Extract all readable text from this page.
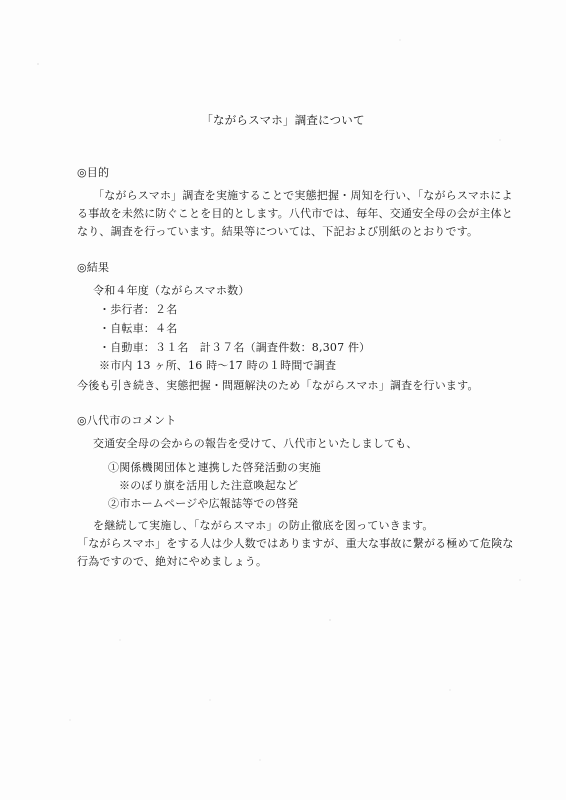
「ながらスマホ」調査について
◎目的
「ながらスマホ」調査を実施することで実態把握・周知を行い、「ながらスマホによ
る事故を未然に防ぐことを目的とします。八代市では、毎年、交通安全母の会が主体と
なり、調査を行っています。結果等については、下記および別紙のとおりです。
◎結果
令和４年度（ながらスマホ数）
・歩行者：２名
・自転車：４名
・自動車：３１名　計３７名（調査件数：8,307 件）
※市内 13 ヶ所、16 時～17 時の１時間で調査
今後も引き続き、実態把握・問題解決のため「ながらスマホ」調査を行います。
◎八代市のコメント
交通安全母の会からの報告を受けて、八代市といたしましても、
①関係機関団体と連携した啓発活動の実施
※のぼり旗を活用した注意喚起など
②市ホームページや広報誌等での啓発
を継続して実施し、「ながらスマホ」の防止徹底を図っていきます。
「ながらスマホ」をする人は少人数ではありますが、重大な事故に繋がる極めて危険な
行為ですので、絶対にやめましょう。
